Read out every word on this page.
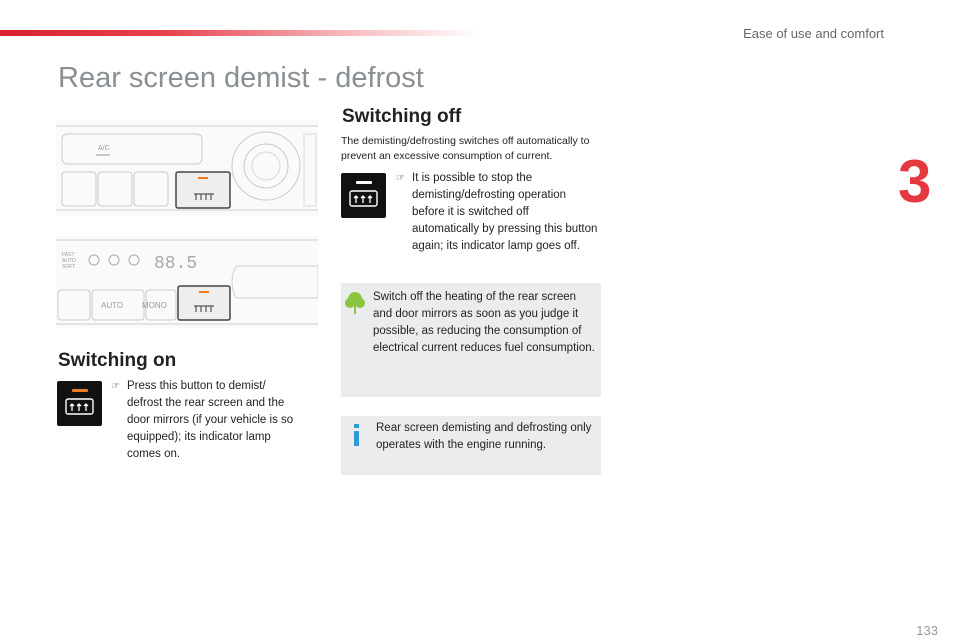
Ease of use and comfort
3
Rear screen demist - defrost
A/C
FAST
AUTO
SOFT	88.5
AUTO MONO
Switching on
☞ Press this button to demist/ defrost the rear screen and the door mirrors (if your vehicle is so equipped); its indicator lamp comes on.
Switching off
The demisting/defrosting switches off automatically to prevent an excessive consumption of current.
☞ It is possible to stop the demisting/defrosting operation before it is switched off automatically by pressing this button again; its indicator lamp goes off.
Switch off the heating of the rear screen and door mirrors as soon as you judge it possible, as reducing the consumption of electrical current reduces fuel consumption.
Rear screen demisting and defrosting only operates with the engine running.
133
